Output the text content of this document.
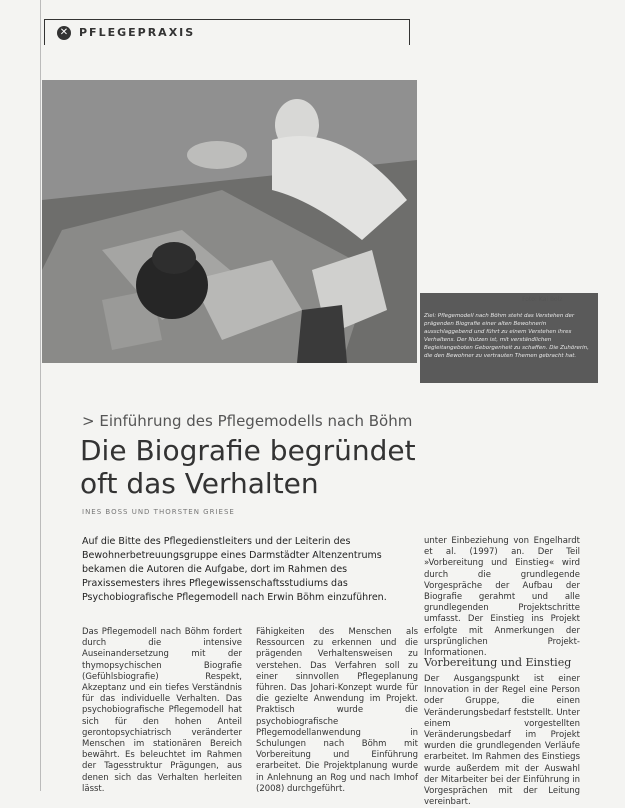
✕ PFLEGEPRAXIS
Foto: Kai Bolz
Ziel: Pflegemodell nach Böhm steht das Verstehen der prägenden Biografie einer alten Bewohnerin ausschlaggebend und führt zu einem Verstehen ihres Verhaltens. Der Nutzen ist, mit verständlichen Begleitangeboten Geborgenheit zu schaffen. Die Zuhörerin, die den Bewohner zu vertrauten Themen gebracht hat.
> Einführung des Pflegemodells nach Böhm
Die Biografie begründet oft das Verhalten
INES BOSS UND THORSTEN GRIESE
Auf die Bitte des Pflegedienstleiters und der Leiterin des Bewohnerbetreuungsgruppe eines Darmstädter Altenzentrums bekamen die Autoren die Aufgabe, dort im Rahmen des Praxissemesters ihres Pflegewissenschaftsstudiums das Psychobiografische Pflegemodell nach Erwin Böhm einzuführen.
Das Pflegemodell nach Böhm fordert durch die intensive Auseinandersetzung mit der thymopsychischen Biografie (Gefühlsbiografie) Respekt, Akzeptanz und ein tiefes Verständnis für das individuelle Verhalten. Das psychobiografische Pflegemodell hat sich für den hohen Anteil gerontopsychiatrisch veränderter Menschen im stationären Bereich bewährt. Es beleuchtet im Rahmen der Tagesstruktur Prägungen, aus denen sich das Verhalten herleiten lässt.
Fähigkeiten des Menschen als Ressourcen zu erkennen und die prägenden Verhaltensweisen zu verstehen. Das Verfahren soll zu einer sinnvollen Pflegeplanung führen. Das Johari-Konzept wurde für die gezielte Anwendung im Projekt. Praktisch wurde die psychobiografische Pflegemodellanwendung in Schulungen nach Böhm mit Vorbereitung und Einführung erarbeitet. Die Projektplanung wurde in Anlehnung an Rog und nach Imhof (2008) durchgeführt.
unter Einbeziehung von Engelhardt et al. (1997) an. Der Teil »Vorbereitung und Einstieg« wird durch die grundlegende Vorgespräche der Aufbau der Biografie gerahmt und alle grundlegenden Projektschritte umfasst. Der Einstieg ins Projekt erfolgte mit Anmerkungen der ursprünglichen Projekt-Informationen.
Vorbereitung und Einstieg
Der Ausgangspunkt ist einer Innovation in der Regel eine Person oder Gruppe, die einen Veränderungsbedarf feststellt. Unter einem vorgestellten Veränderungsbedarf im Projekt wurden die grundlegenden Verläufe erarbeitet. Im Rahmen des Einstiegs wurde außerdem mit der Auswahl der Mitarbeiter bei der Einführung in Vorgesprächen mit der Leitung vereinbart.
